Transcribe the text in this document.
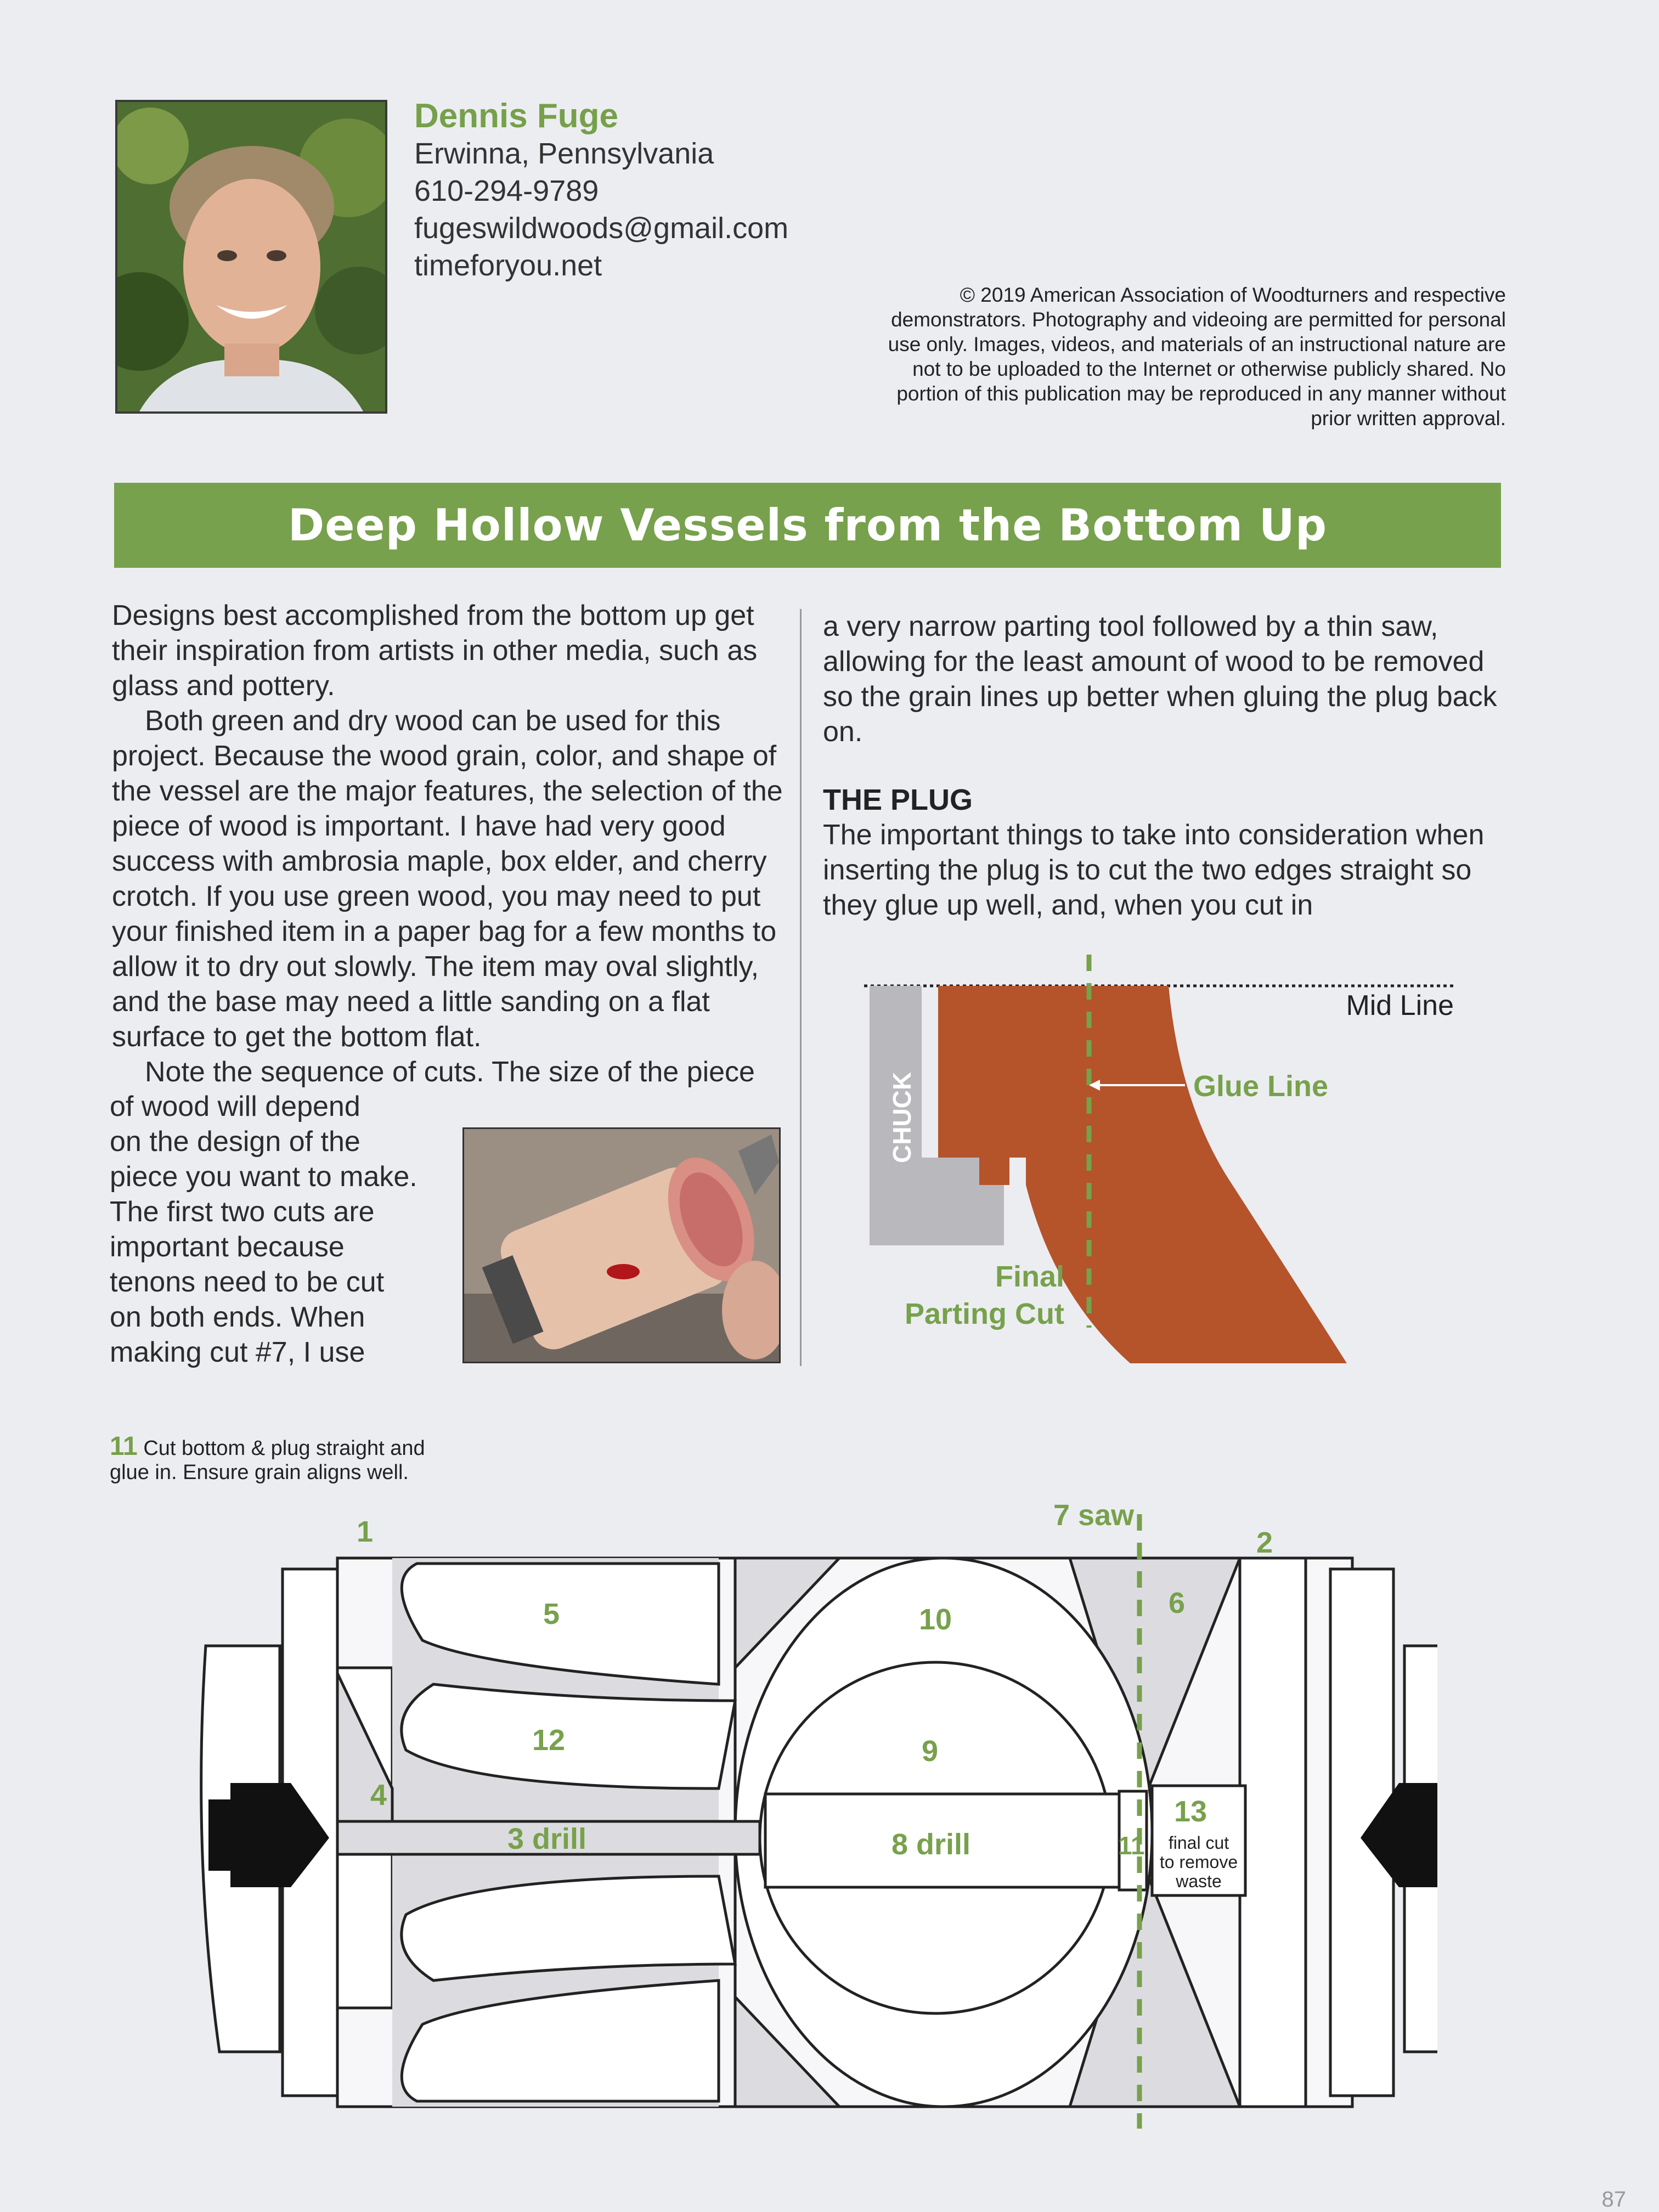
Dennis Fuge
Erwinna, Pennsylvania
610-294-9789
fugeswildwoods@gmail.com
timeforyou.net
© 2019 American Association of Woodturners and respective demonstrators. Photography and videoing are permitted for personal use only. Images, videos, and materials of an instructional nature are not to be uploaded to the Internet or otherwise publicly shared. No portion of this publication may be reproduced in any manner without prior written approval.
Deep Hollow Vessels from the Bottom Up

Designs best accomplished from the bottom up get their inspiration from artists in other media, such as glass and pottery.

Both green and dry wood can be used for this project. Because the wood grain, color, and shape of the vessel are the major features, the selection of the piece of wood is important. I have had very good success with ambrosia maple, box elder, and cherry crotch. If you use green wood, you may need to put your finished item in a paper bag for a few months to allow it to dry out slowly. The item may oval slightly, and the base may need a little sanding on a flat surface to get the bottom flat.

Note the sequence of cuts. The size of the piece

of wood will depend
on the design of the
piece you want to make.
The first two cuts are
important because
tenons need to be cut
on both ends. When
making cut #7, I use

a very narrow parting tool followed by a thin saw, allowing for the least amount of wood to be removed so the grain lines up better when gluing the plug back on.

THE PLUG

The important things to take into consideration when inserting the plug is to cut the two edges straight so they glue up well, and, when you cut in

Mid Line
CHUCK	Glue Line
Final
Parting Cut
11 Cut bottom & plug straight and glue in. Ensure grain aligns well.
1	2
7 saw
5	10	6
12	9
4
3 drill	8 drill	11
13
final cut
to remove
waste
87
